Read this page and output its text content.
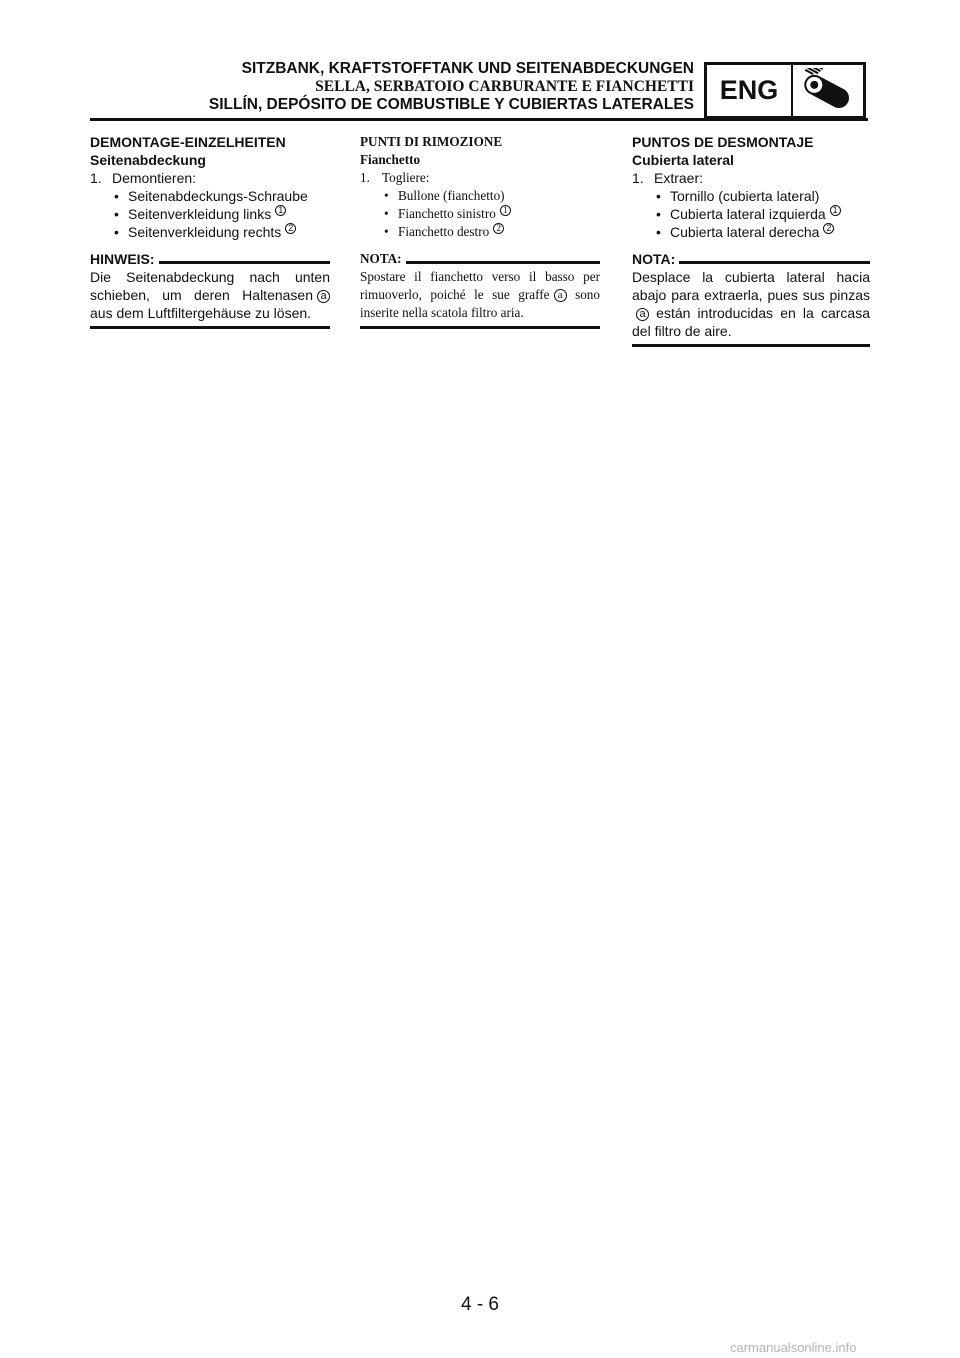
SITZBANK, KRAFTSTOFFTANK UND SEITENABDECKUNGEN
SELLA, SERBATOIO CARBURANTE E FIANCHETTI
SILLÍN, DEPÓSITO DE COMBUSTIBLE Y CUBIERTAS LATERALES ENG
DEMONTAGE-EINZELHEITEN
Seitenabdeckung
1. Demontieren:
• Seitenabdeckungs-Schraube
• Seitenverkleidung links 1
• Seitenverkleidung rechts 2
HINWEIS:
Die Seitenabdeckung nach unten schieben, um deren Haltenasen a aus dem Luftfiltergehäuse zu lösen.
PUNTI DI RIMOZIONE
Fianchetto
1. Togliere:
• Bullone (fianchetto)
• Fianchetto sinistro 1
• Fianchetto destro 2
NOTA:
Spostare il fianchetto verso il basso per rimuoverlo, poiché le sue graffe a sono inserite nella scatola filtro aria.
PUNTOS DE DESMONTAJE
Cubierta lateral
1. Extraer:
• Tornillo (cubierta lateral)
• Cubierta lateral izquierda 1
• Cubierta lateral derecha 2
NOTA:
Desplace la cubierta lateral hacia abajo para extraerla, pues sus pinzasa están introducidas en la carcasa del filtro de aire.
4 - 6
carmanualsonline.info
